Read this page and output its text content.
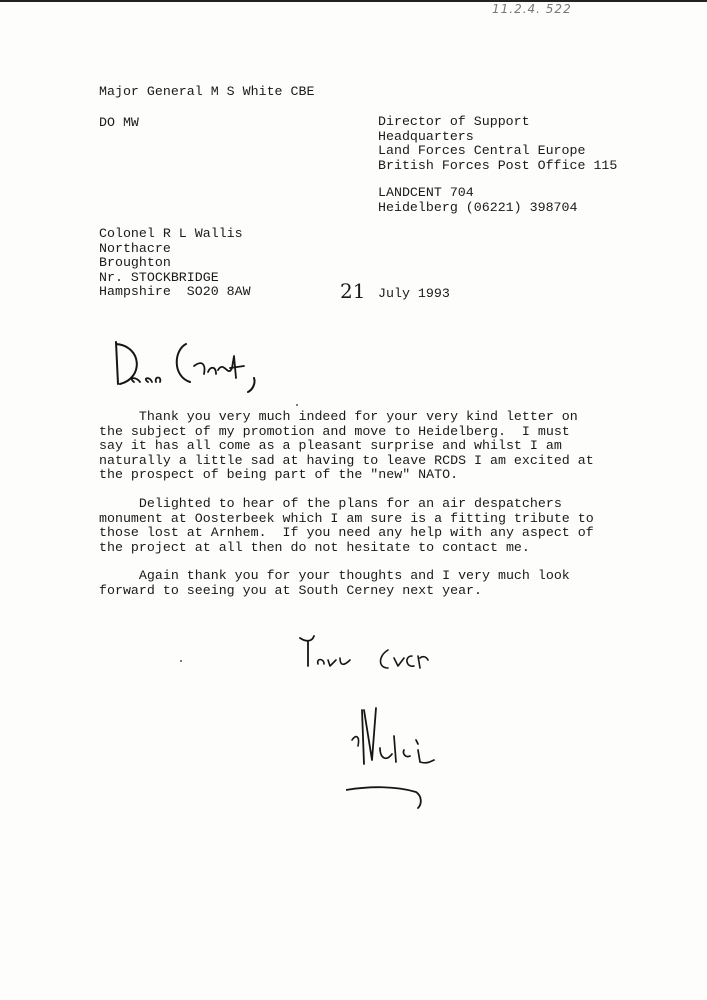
11.2.4. 522
Major General M S White CBE
DO MW	Director of Support
Headquarters
Land Forces Central Europe
British Forces Post Office 115
LANDCENT 704
Heidelberg (06221) 398704
Colonel R L Wallis
Northacre
Broughton
Nr. STOCKBRIDGE
Hampshire  SO20 8AW	21 July 1993
Thank you very much indeed for your very kind letter on
the subject of my promotion and move to Heidelberg.  I must
say it has all come as a pleasant surprise and whilst I am
naturally a little sad at having to leave RCDS I am excited at
the prospect of being part of the "new" NATO.
Delighted to hear of the plans for an air despatchers
monument at Oosterbeek which I am sure is a fitting tribute to
those lost at Arnhem.  If you need any help with any aspect of
the project at all then do not hesitate to contact me.
Again thank you for your thoughts and I very much look
forward to seeing you at South Cerney next year.
